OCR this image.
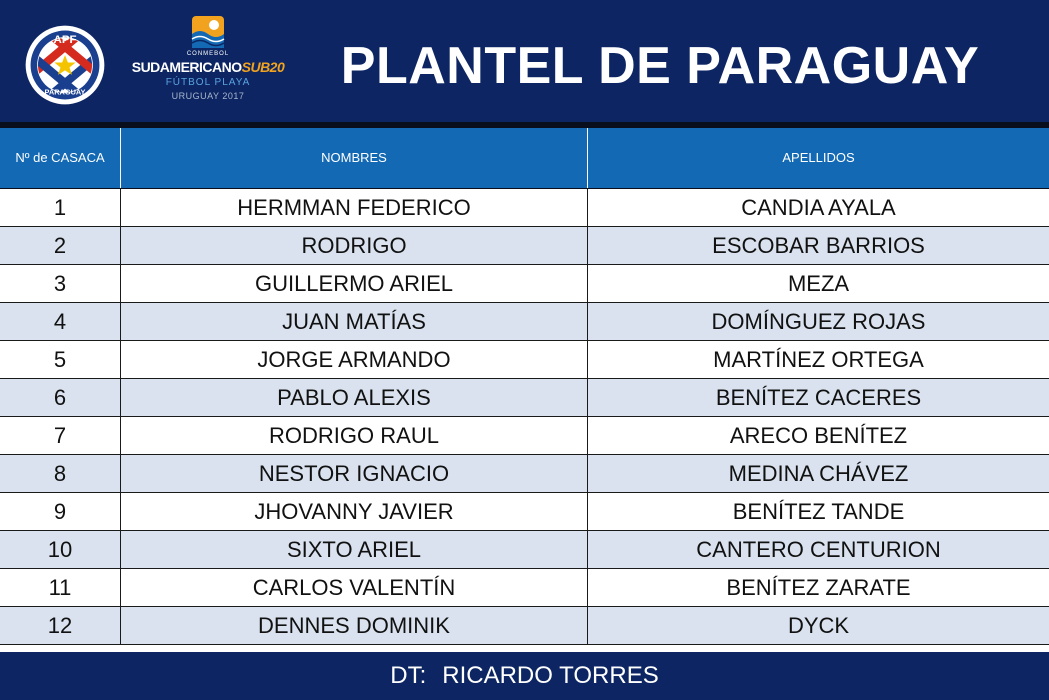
APF
PARAGUAY
CONMEBOL
SUDAMERICANOSUB20
FÚTBOL PLAYA
URUGUAY 2017
PLANTEL DE PARAGUAY
Nº de CASACA	NOMBRES	APELLIDOS
1	HERMMAN FEDERICO	CANDIA AYALA
2	RODRIGO	ESCOBAR BARRIOS
3	GUILLERMO ARIEL	MEZA
4	JUAN MATÍAS	DOMÍNGUEZ ROJAS
5	JORGE ARMANDO	MARTÍNEZ ORTEGA
6	PABLO ALEXIS	BENÍTEZ CACERES
7	RODRIGO RAUL	ARECO BENÍTEZ
8	NESTOR IGNACIO	MEDINA CHÁVEZ
9	JHOVANNY JAVIER	BENÍTEZ TANDE
10	SIXTO ARIEL	CANTERO CENTURION
11	CARLOS VALENTÍN	BENÍTEZ ZARATE
12	DENNES DOMINIK	DYCK
DT: RICARDO TORRES
